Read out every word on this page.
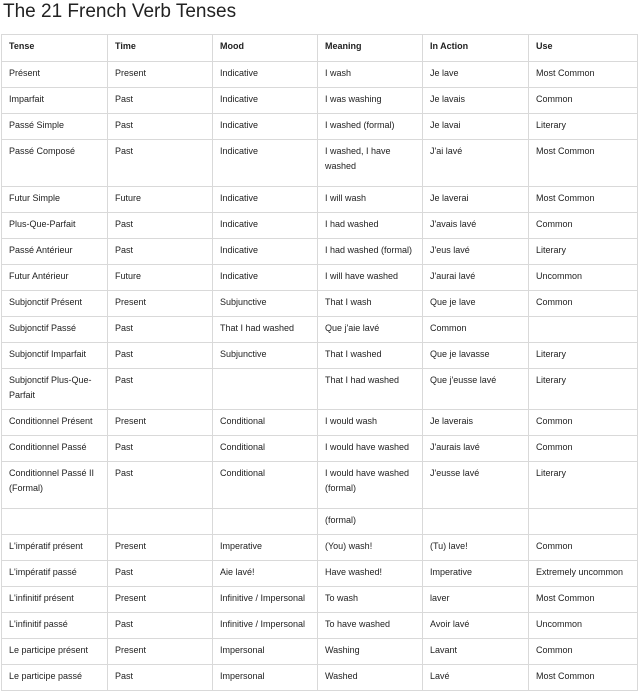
The 21 French Verb Tenses
Tense	Time	Mood	Meaning	In Action	Use
Présent	Present	Indicative	I wash	Je lave	Most Common
Imparfait	Past	Indicative	I was washing	Je lavais	Common
Passé Simple	Past	Indicative	I washed (formal)	Je lavai	Literary
Passé Composé	Past	Indicative	I washed, I have washed	J'ai lavé	Most Common
Futur Simple	Future	Indicative	I will wash	Je laverai	Most Common
Plus-Que-Parfait	Past	Indicative	I had washed	J'avais lavé	Common
Passé Antérieur	Past	Indicative	I had washed (formal)	J'eus lavé	Literary
Futur Antérieur	Future	Indicative	I will have washed	J'aurai lavé	Uncommon
Subjonctif Présent	Present	Subjunctive	That I wash	Que je lave	Common
Subjonctif Passé	Past	That I had washed	Que j'aie lavé	Common	
Subjonctif Imparfait	Past	Subjunctive	That I washed	Que je lavasse	Literary
Subjonctif Plus-Que-Parfait	Past		That I had washed	Que j'eusse lavé	Literary
Conditionnel Présent	Present	Conditional	I would wash	Je laverais	Common
Conditionnel Passé	Past	Conditional	I would have washed	J'aurais lavé	Common
Conditionnel Passé II (Formal)	Past	Conditional	I would have washed (formal)	J'eusse lavé	Literary
			(formal)		
L'impératif présent	Present	Imperative	(You) wash!	(Tu) lave!	Common
L'impératif passé	Past	Aie lavé!	Have washed!	Imperative	Extremely uncommon
L'infinitif présent	Present	Infinitive / Impersonal	To wash	laver	Most Common
L'infinitif passé	Past	Infinitive / Impersonal	To have washed	Avoir lavé	Uncommon
Le participe présent	Present	Impersonal	Washing	Lavant	Common
Le participe passé	Past	Impersonal	Washed	Lavé	Most Common
